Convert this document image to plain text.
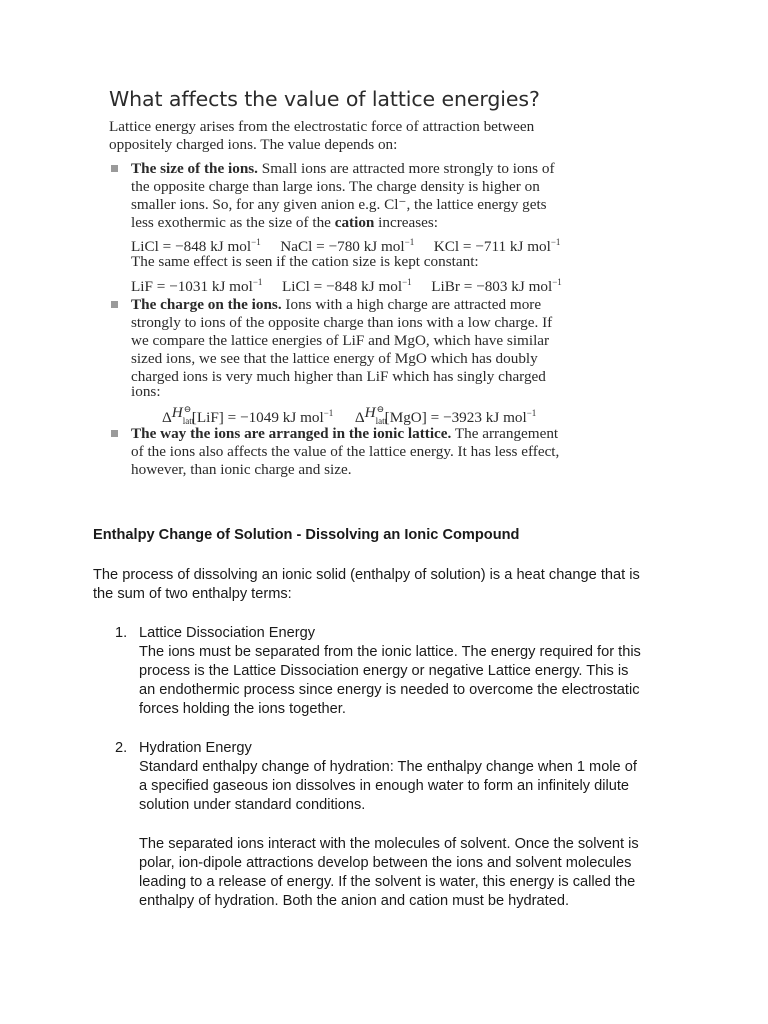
What affects the value of lattice energies?
Lattice energy arises from the electrostatic force of attraction between
oppositely charged ions. The value depends on:
The size of the ions. Small ions are attracted more strongly to ions of
the opposite charge than large ions. The charge density is higher on
smaller ions. So, for any given anion e.g. Cl⁻, the lattice energy gets
less exothermic as the size of the cation increases:
LiCl = −848 kJ mol$^{-1}$ NaCl = −780 kJ mol$^{-1}$ KCl = −711 kJ mol$^{-1}$
The same effect is seen if the cation size is kept constant:
LiF = −1031 kJ mol$^{-1}$ LiCl = −848 kJ mol$^{-1}$ LiBr = −803 kJ mol$^{-1}$
The charge on the ions. Ions with a high charge are attracted more
strongly to ions of the opposite charge than ions with a low charge. If
we compare the lattice energies of LiF and MgO, which have similar
sized ions, we see that the lattice energy of MgO which has doubly
charged ions is very much higher than LiF which has singly charged
ions:
Δ H ⊖
latt
[LiF] = −1049 kJ mol$^{-1}$ Δ H ⊖
latt
[MgO] = −3923 kJ mol$^{-1}$
The way the ions are arranged in the ionic lattice. The arrangement
of the ions also affects the value of the lattice energy. It has less effect,
however, than ionic charge and size.
Enthalpy Change of Solution - Dissolving an Ionic Compound
The process of dissolving an ionic solid (enthalpy of solution) is a heat change that is
the sum of two enthalpy terms:
1. Lattice Dissociation Energy
The ions must be separated from the ionic lattice. The energy required for this
process is the Lattice Dissociation energy or negative Lattice energy. This is
an endothermic process since energy is needed to overcome the electrostatic
forces holding the ions together.
2. Hydration Energy
Standard enthalpy change of hydration: The enthalpy change when 1 mole of
a specified gaseous ion dissolves in enough water to form an infinitely dilute
solution under standard conditions.
The separated ions interact with the molecules of solvent. Once the solvent is
polar, ion-dipole attractions develop between the ions and solvent molecules
leading to a release of energy. If the solvent is water, this energy is called the
enthalpy of hydration. Both the anion and cation must be hydrated.
